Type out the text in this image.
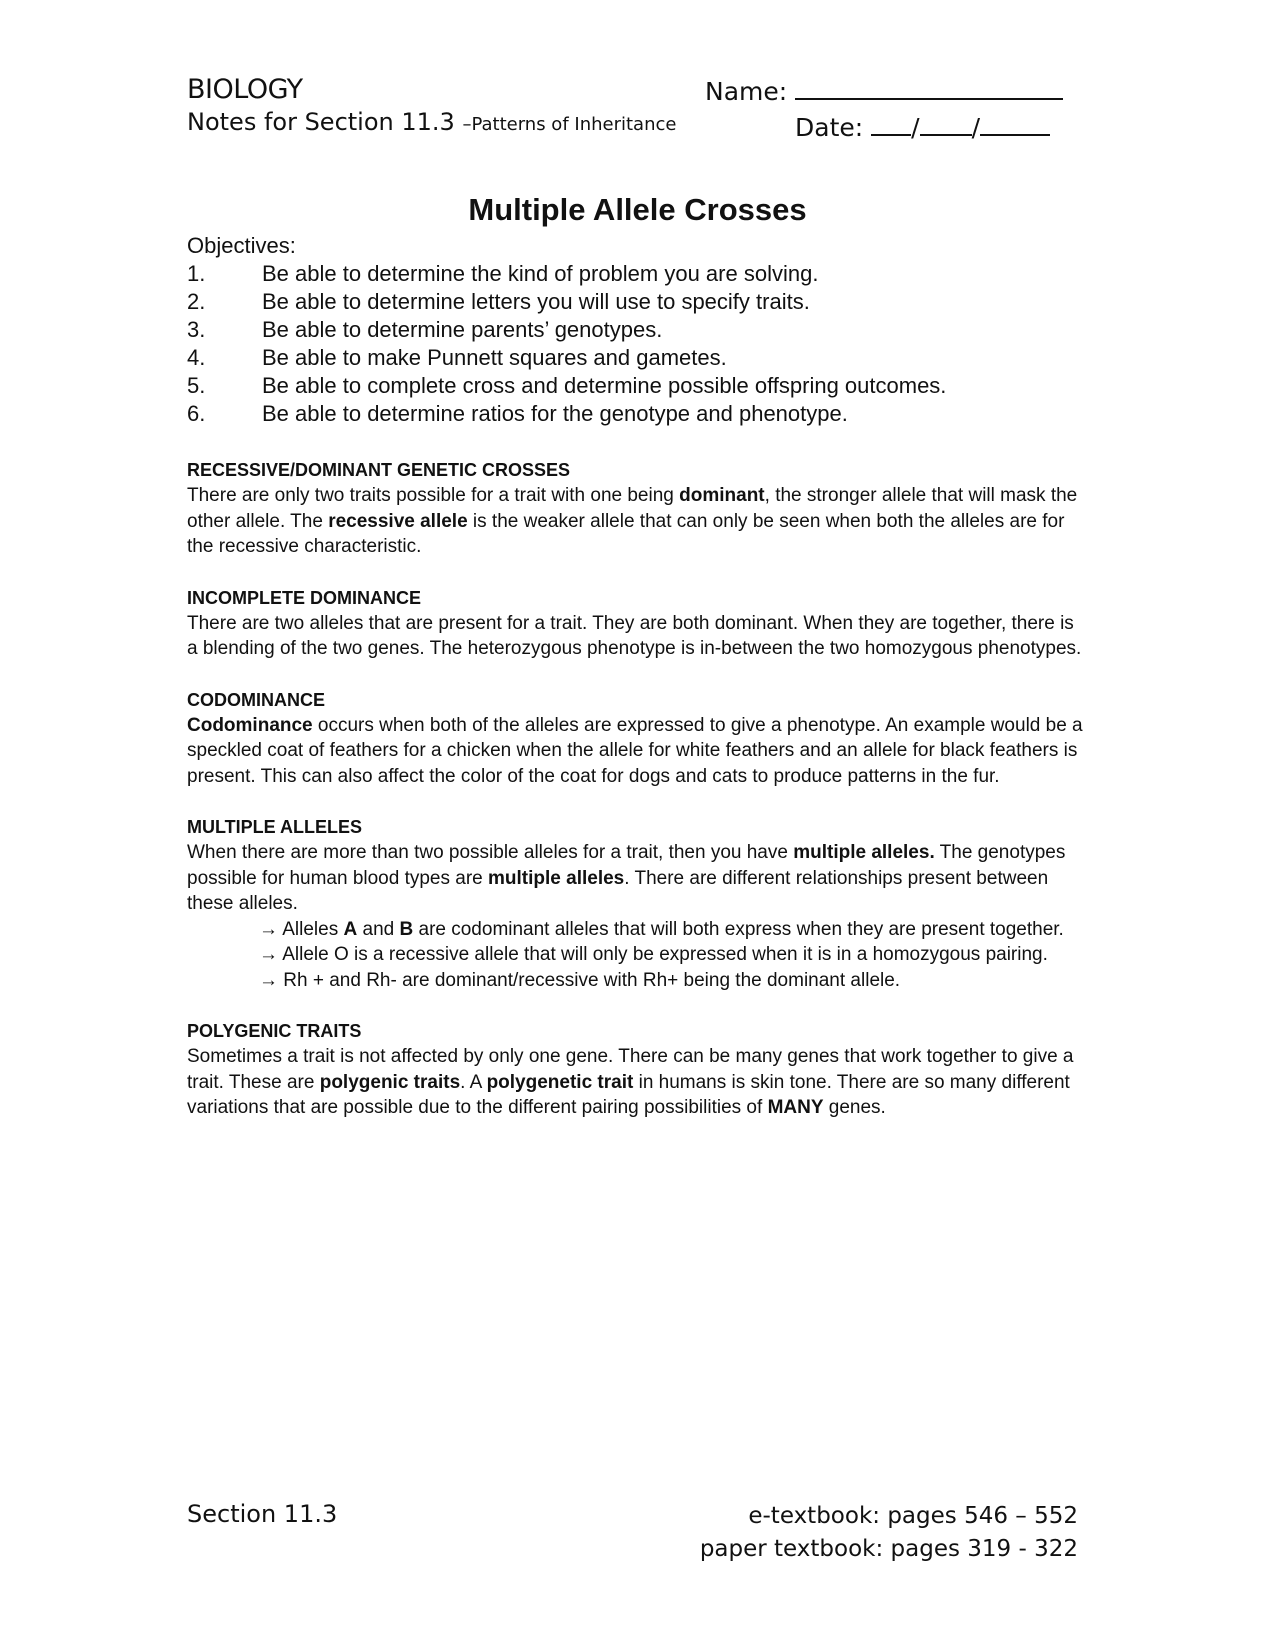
BIOLOGY
Notes for Section 11.3 –Patterns of Inheritance
Name:
Date: / /
Multiple Allele Crosses
Objectives:
1.	Be able to determine the kind of problem you are solving.
2.	Be able to determine letters you will use to specify traits.
3.	Be able to determine parents’ genotypes.
4.	Be able to make Punnett squares and gametes.
5.	Be able to complete cross and determine possible offspring outcomes.
6.	Be able to determine ratios for the genotype and phenotype.
RECESSIVE/DOMINANT GENETIC CROSSES

There are only two traits possible for a trait with one being dominant, the stronger allele that will mask the other allele. The recessive allele is the weaker allele that can only be seen when both the alleles are for the recessive characteristic.

INCOMPLETE DOMINANCE

There are two alleles that are present for a trait. They are both dominant. When they are together, there is a blending of the two genes. The heterozygous phenotype is in-between the two homozygous phenotypes.

CODOMINANCE

Codominance occurs when both of the alleles are expressed to give a phenotype. An example would be a speckled coat of feathers for a chicken when the allele for white feathers and an allele for black feathers is present. This can also affect the color of the coat for dogs and cats to produce patterns in the fur.

MULTIPLE ALLELES

When there are more than two possible alleles for a trait, then you have multiple alleles. The genotypes possible for human blood types are multiple alleles. There are different relationships present between these alleles.

→ Alleles A and B are codominant alleles that will both express when they are present together.
→ Allele O is a recessive allele that will only be expressed when it is in a homozygous pairing.
→ Rh + and Rh- are dominant/recessive with Rh+ being the dominant allele.
POLYGENIC TRAITS

Sometimes a trait is not affected by only one gene. There can be many genes that work together to give a trait. These are polygenic traits. A polygenetic trait in humans is skin tone. There are so many different variations that are possible due to the different pairing possibilities of MANY genes.

Section 11.3	e-textbook: pages 546 – 552
paper textbook: pages 319 - 322
